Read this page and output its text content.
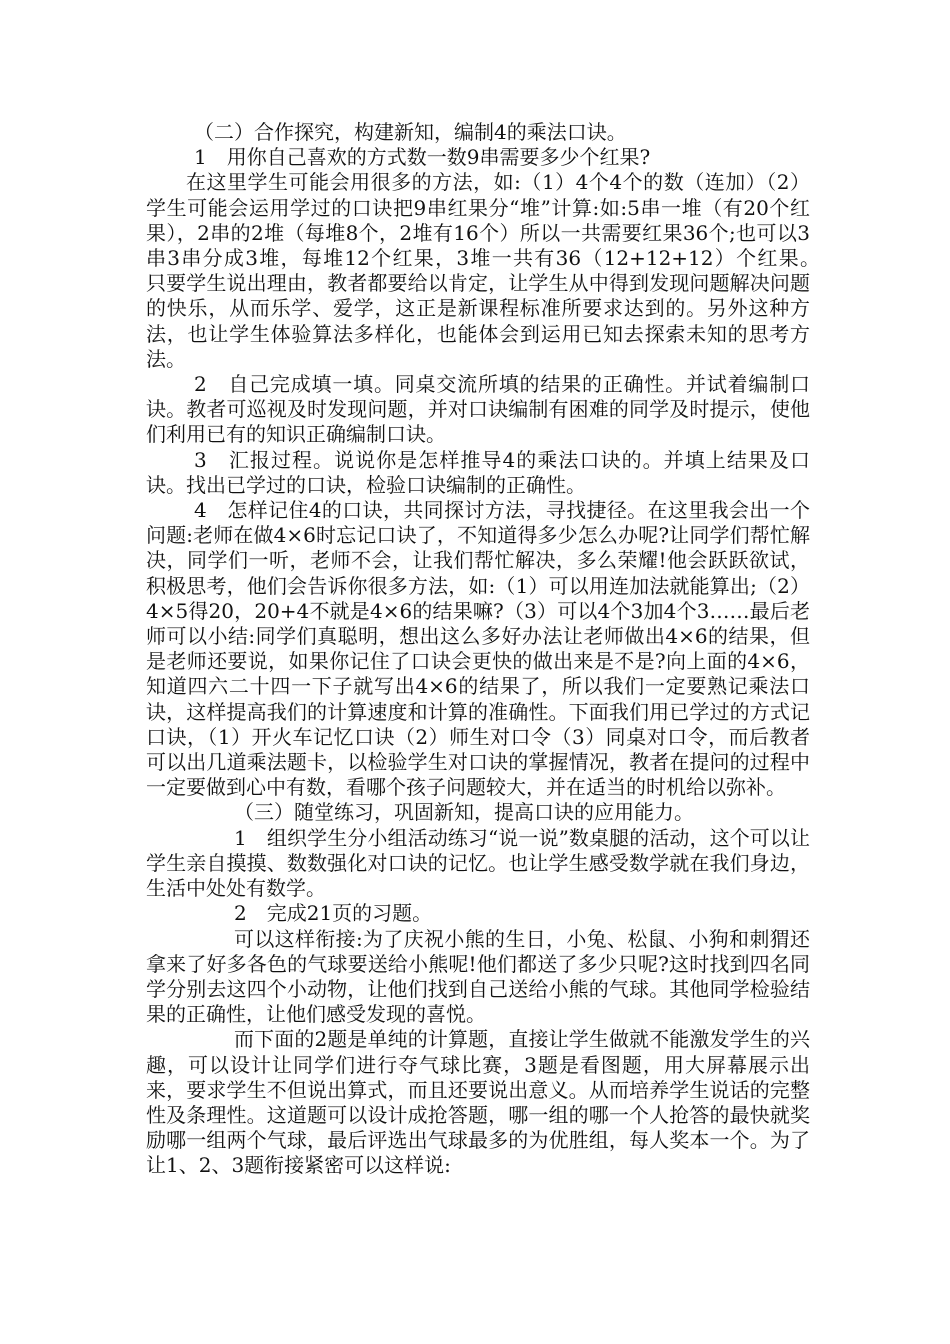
（二）合作探究，构建新知，编制4的乘法口诀。

1　用你自己喜欢的方式数一数9串需要多少个红果?

在这里学生可能会用很多的方法，如:（1）4个4个的数（连加）（2）学生可能会运用学过的口诀把9串红果分“堆”计算:如:5串一堆（有20个红果），2串的2堆（每堆8个，2堆有16个）所以一共需要红果36个;也可以3串3串分成3堆，每堆12个红果，3堆一共有36（12+12+12）个红果。　只要学生说出理由，教者都要给以肯定，让学生从中得到发现问题解决问题的快乐，从而乐学、爱学，这正是新课程标准所要求达到的。另外这种方法，也让学生体验算法多样化，也能体会到运用已知去探索未知的思考方法。

2　自己完成填一填。同桌交流所填的结果的正确性。并试着编制口诀。教者可巡视及时发现问题，并对口诀编制有困难的同学及时提示，使他们利用已有的知识正确编制口诀。

3　汇报过程。说说你是怎样推导4的乘法口诀的。并填上结果及口诀。找出已学过的口诀，检验口诀编制的正确性。

4　怎样记住4的口诀，共同探讨方法，寻找捷径。在这里我会出一个问题:老师在做4×6时忘记口诀了，不知道得多少怎么办呢?让同学们帮忙解决，同学们一听，老师不会，让我们帮忙解决，多么荣耀!他会跃跃欲试，积极思考，他们会告诉你很多方法，如:（1）可以用连加法就能算出;（2）4×5得20，20+4不就是4×6的结果嘛?（3）可以4个3加4个3……最后老师可以小结:同学们真聪明，想出这么多好办法让老师做出4×6的结果，但是老师还要说，如果你记住了口诀会更快的做出来是不是?向上面的4×6，知道四六二十四一下子就写出4×6的结果了，所以我们一定要熟记乘法口诀，这样提高我们的计算速度和计算的准确性。下面我们用已学过的方式记口诀，（1）开火车记忆口诀（2）师生对口令（3）同桌对口令，而后教者可以出几道乘法题卡，以检验学生对口诀的掌握情况，教者在提问的过程中一定要做到心中有数，看哪个孩子问题较大，并在适当的时机给以弥补。

（三）随堂练习，巩固新知，提高口诀的应用能力。

1　组织学生分小组活动练习“说一说”数桌腿的活动，这个可以让学生亲自摸摸、数数强化对口诀的记忆。也让学生感受数学就在我们身边，生活中处处有数学。

2　完成21页的习题。

可以这样衔接:为了庆祝小熊的生日，小兔、松鼠、小狗和刺猬还拿来了好多各色的气球要送给小熊呢!他们都送了多少只呢?这时找到四名同学分别去这四个小动物，让他们找到自己送给小熊的气球。其他同学检验结果的正确性，让他们感受发现的喜悦。

而下面的2题是单纯的计算题，直接让学生做就不能激发学生的兴趣，可以设计让同学们进行夺气球比赛，3题是看图题，用大屏幕展示出来，要求学生不但说出算式，而且还要说出意义。从而培养学生说话的完整性及条理性。这道题可以设计成抢答题，哪一组的哪一个人抢答的最快就奖励哪一组两个气球，最后评选出气球最多的为优胜组，每人奖本一个。为了让1、2、3题衔接紧密可以这样说:
